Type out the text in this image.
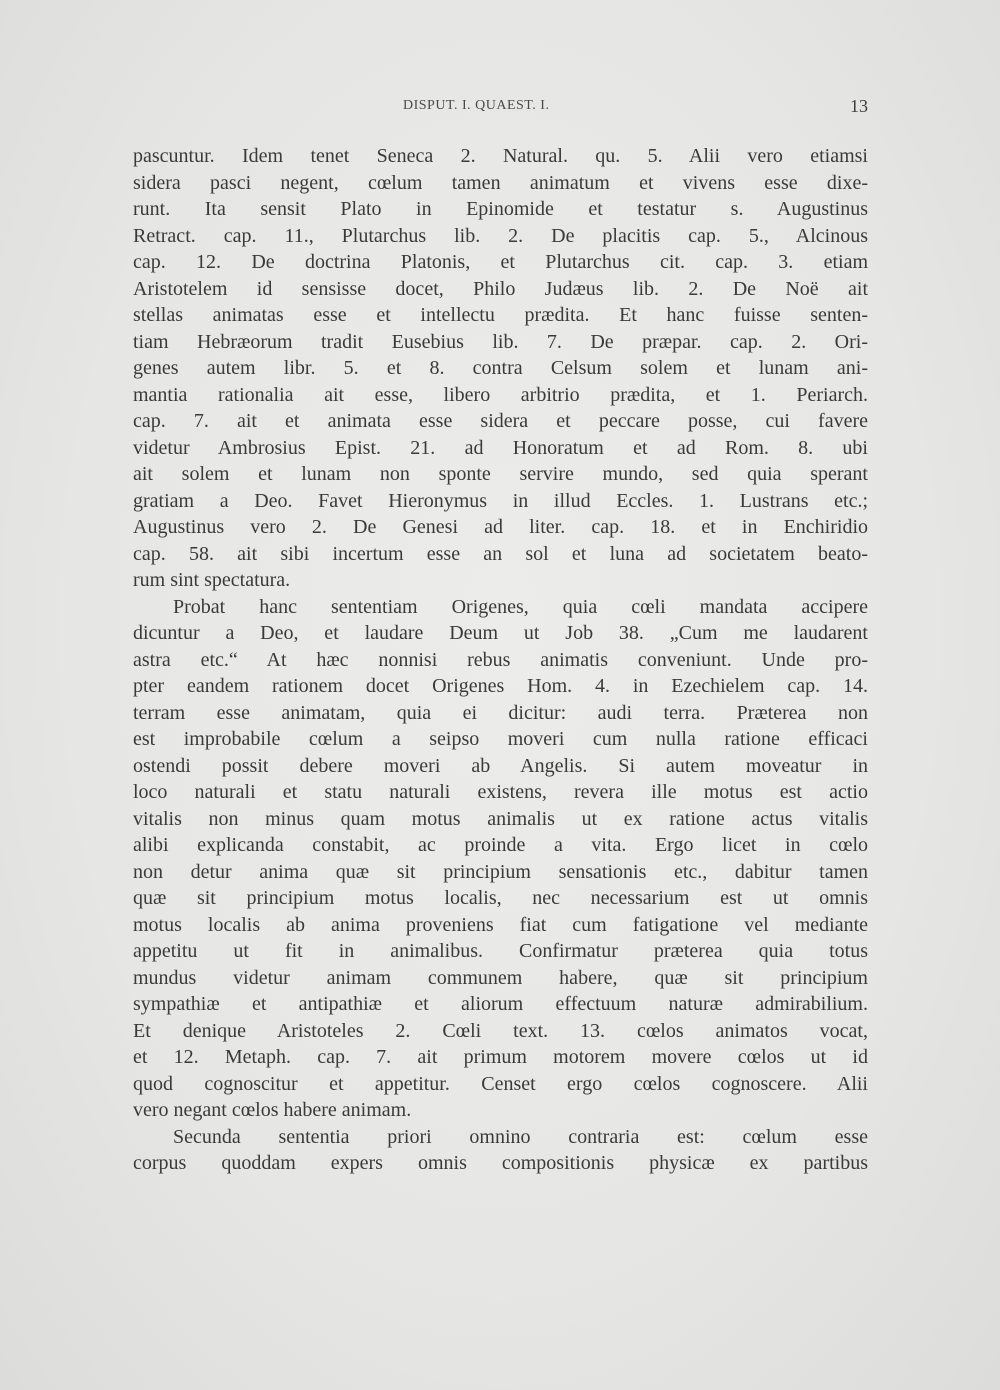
DISPUT. I. QUAEST. I.	13
pascuntur. Idem tenet Seneca 2. Natural. qu. 5. Alii vero etiamsi
sidera pasci negent, cœlum tamen animatum et vivens esse dixe-
runt. Ita sensit Plato in Epinomide et testatur s. Augustinus
Retract. cap. 11., Plutarchus lib. 2. De placitis cap. 5., Alcinous
cap. 12. De doctrina Platonis, et Plutarchus cit. cap. 3. etiam
Aristotelem id sensisse docet, Philo Judæus lib. 2. De Noë ait
stellas animatas esse et intellectu prædita. Et hanc fuisse senten-
tiam Hebræorum tradit Eusebius lib. 7. De præpar. cap. 2. Ori-
genes autem libr. 5. et 8. contra Celsum solem et lunam ani-
mantia rationalia ait esse, libero arbitrio prædita, et 1. Periarch.
cap. 7. ait et animata esse sidera et peccare posse, cui favere
videtur Ambrosius Epist. 21. ad Honoratum et ad Rom. 8. ubi
ait solem et lunam non sponte servire mundo, sed quia sperant
gratiam a Deo. Favet Hieronymus in illud Eccles. 1. Lustrans etc.;
Augustinus vero 2. De Genesi ad liter. cap. 18. et in Enchiridio
cap. 58. ait sibi incertum esse an sol et luna ad societatem beato-
rum sint spectatura.
Probat hanc sententiam Origenes, quia cœli mandata accipere
dicuntur a Deo, et laudare Deum ut Job 38. „Cum me laudarent
astra etc.“ At hæc nonnisi rebus animatis conveniunt. Unde pro-
pter eandem rationem docet Origenes Hom. 4. in Ezechielem cap. 14.
terram esse animatam, quia ei dicitur: audi terra. Præterea non
est improbabile cœlum a seipso moveri cum nulla ratione efficaci
ostendi possit debere moveri ab Angelis. Si autem moveatur in
loco naturali et statu naturali existens, revera ille motus est actio
vitalis non minus quam motus animalis ut ex ratione actus vitalis
alibi explicanda constabit, ac proinde a vita. Ergo licet in cœlo
non detur anima quæ sit principium sensationis etc., dabitur tamen
quæ sit principium motus localis, nec necessarium est ut omnis
motus localis ab anima proveniens fiat cum fatigatione vel mediante
appetitu ut fit in animalibus. Confirmatur præterea quia totus
mundus videtur animam communem habere, quæ sit principium
sympathiæ et antipathiæ et aliorum effectuum naturæ admirabilium.
Et denique Aristoteles 2. Cœli text. 13. cœlos animatos vocat,
et 12. Metaph. cap. 7. ait primum motorem movere cœlos ut id
quod cognoscitur et appetitur. Censet ergo cœlos cognoscere. Alii
vero negant cœlos habere animam.
Secunda sententia priori omnino contraria est: cœlum esse
corpus quoddam expers omnis compositionis physicæ ex partibus
